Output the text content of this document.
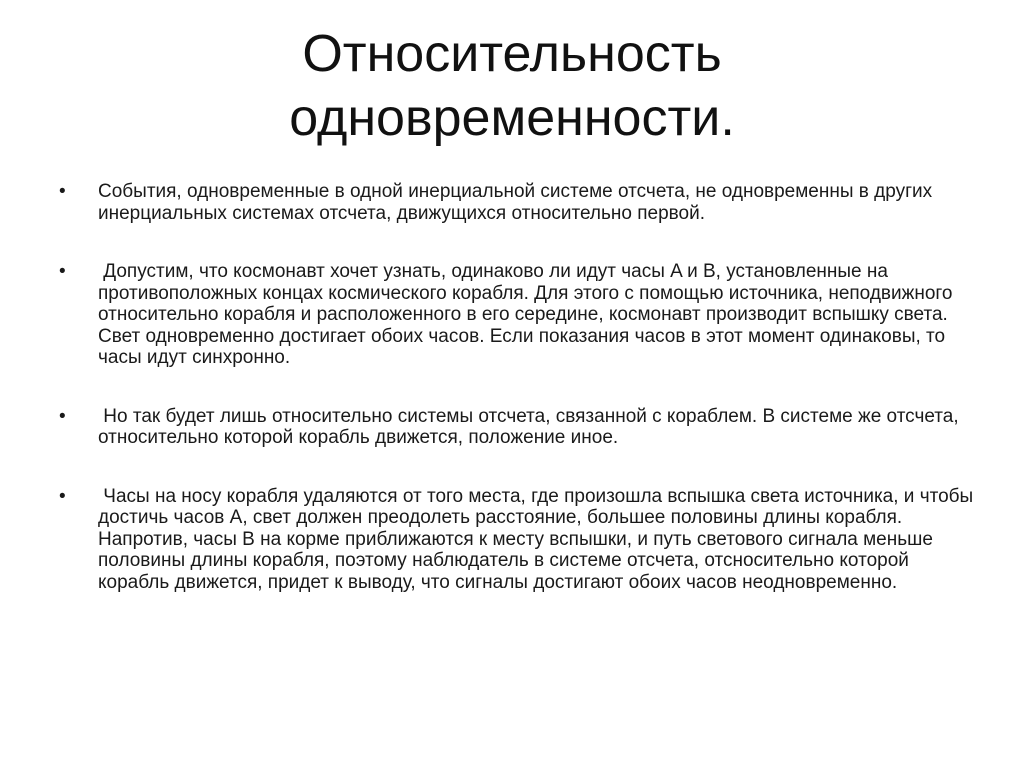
Относительность
одновременности.
• События, одновременные в одной инерциальной системе отсчета, не одновременны в других инерциальных системах отсчета, движущихся относительно первой.
• Допустим, что космонавт хочет узнать, одинаково ли идут часы A и B, установленные на противоположных концах космического корабля. Для этого с помощью источника, неподвижного относительно корабля и расположенного в его середине, космонавт производит вспышку света. Свет одновременно достигает обоих часов. Если показания часов в этот момент одинаковы, то часы идут синхронно.
• Но так будет лишь относительно системы отсчета, связанной с кораблем. В системе же отсчета, относительно которой корабль движется, положение иное.
• Часы на носу корабля удаляются от того места, где произошла вспышка света источника, и чтобы достичь часов A, свет должен преодолеть расстояние, большее половины длины корабля. Напротив, часы B на корме приближаются к месту вспышки, и путь светового сигнала меньше половины длины корабля, поэтому наблюдатель в системе отсчета, отсносительно которой корабль движется, придет к выводу, что сигналы достигают обоих часов неодновременно.
